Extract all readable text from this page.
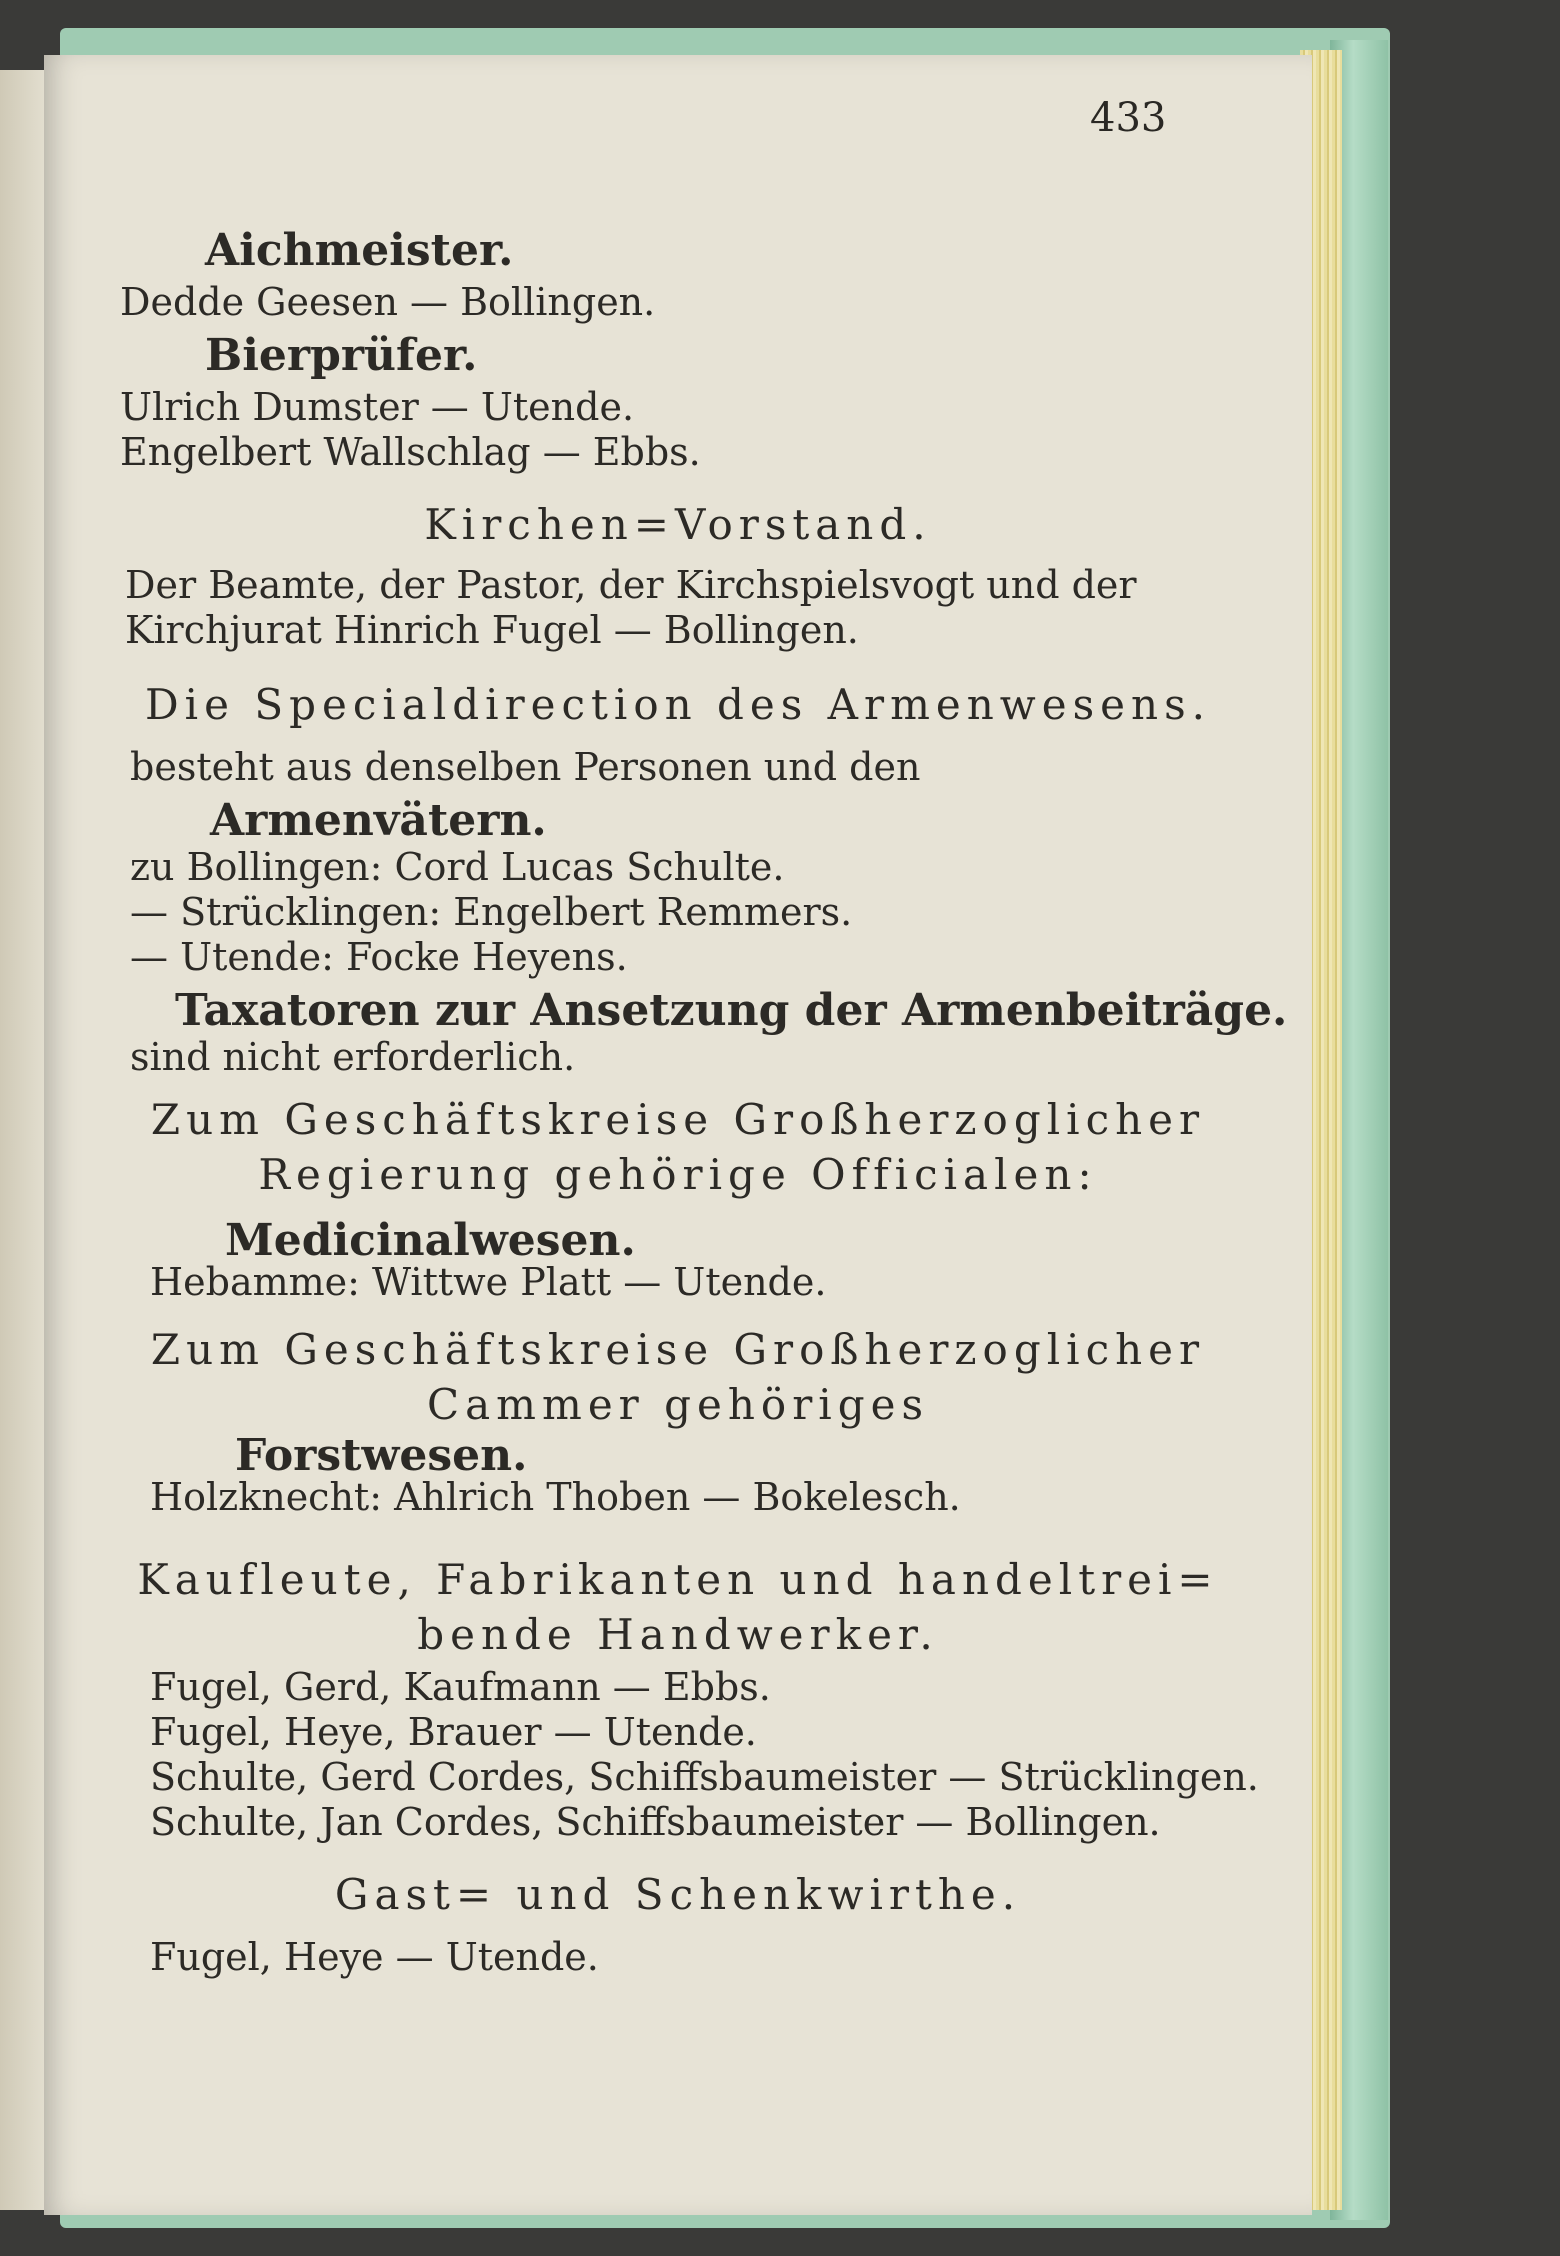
433
Aichmeister.
Dedde Geesen — Bollingen.
Bierprüfer.
Ulrich Dumster — Utende.
Engelbert Wallschlag — Ebbs.
Kirchen=Vorstand.
Der Beamte, der Pastor, der Kirchspielsvogt und der
Kirchjurat Hinrich Fugel — Bollingen.
Die Specialdirection des Armenwesens.
besteht aus denselben Personen und den
Armenvätern.
zu Bollingen: Cord Lucas Schulte.
— Strücklingen: Engelbert Remmers.
— Utende: Focke Heyens.
Taxatoren zur Ansetzung der Armenbeiträge.
sind nicht erforderlich.
Zum Geschäftskreise Großherzoglicher
Regierung gehörige Officialen:
Medicinalwesen.
Hebamme: Wittwe Platt — Utende.
Zum Geschäftskreise Großherzoglicher
Cammer gehöriges
Forstwesen.
Holzknecht: Ahlrich Thoben — Bokelesch.
Kaufleute, Fabrikanten und handeltrei=
bende Handwerker.
Fugel, Gerd, Kaufmann — Ebbs.
Fugel, Heye, Brauer — Utende.
Schulte, Gerd Cordes, Schiffsbaumeister — Strücklingen.
Schulte, Jan Cordes, Schiffsbaumeister — Bollingen.
Gast= und Schenkwirthe.
Fugel, Heye — Utende.
